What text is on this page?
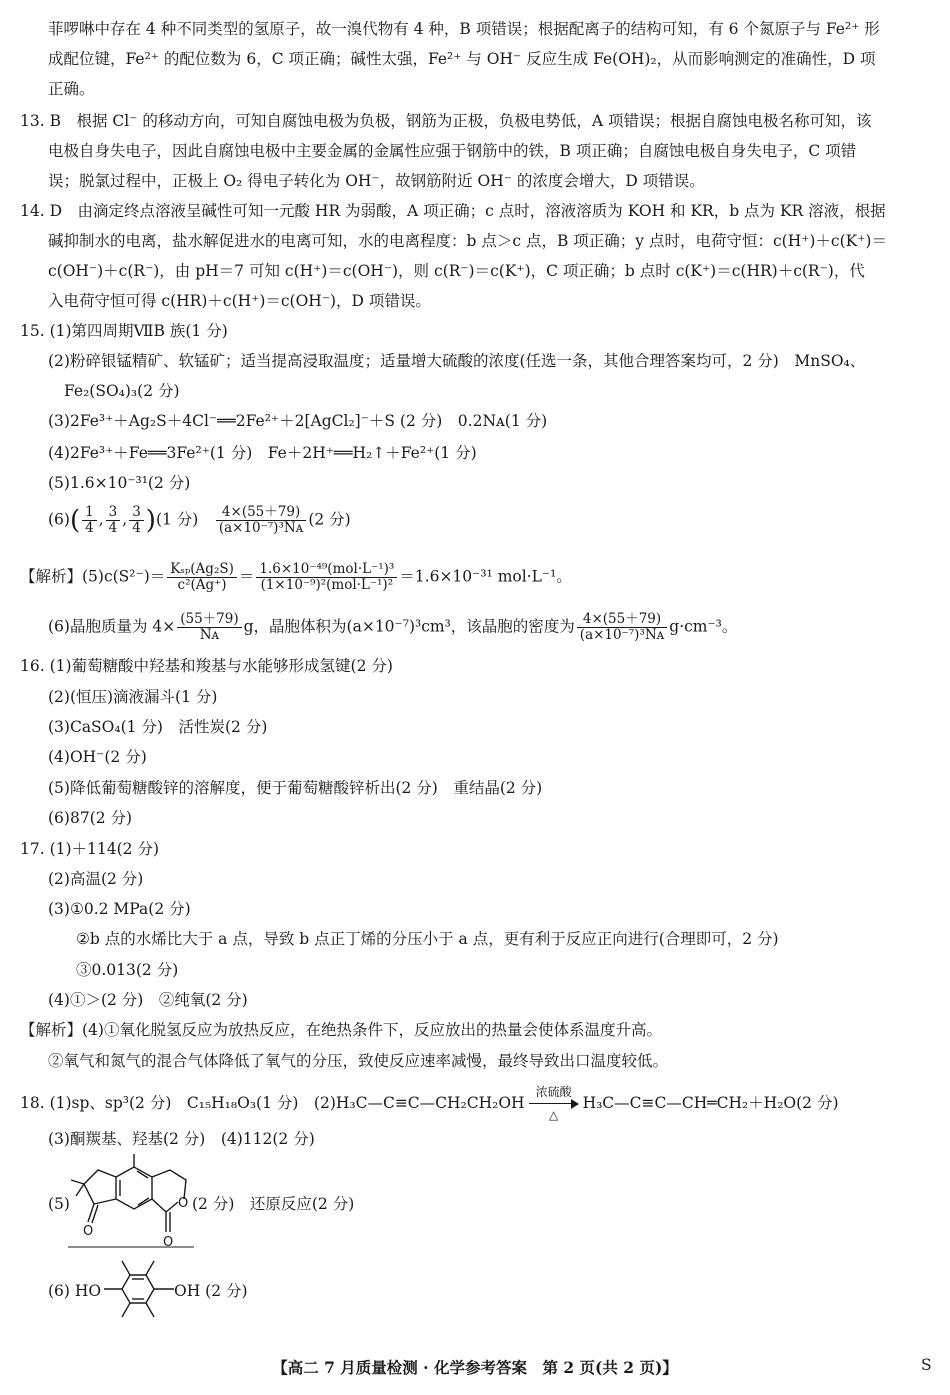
菲啰啉中存在 4 种不同类型的氢原子，故一溴代物有 4 种，B 项错误；根据配离子的结构可知，有 6 个氮原子与 Fe²⁺ 形
成配位键，Fe²⁺ 的配位数为 6，C 项正确；碱性太强，Fe²⁺ 与 OH⁻ 反应生成 Fe(OH)₂，从而影响测定的准确性，D 项
正确。
13. B　根据 Cl⁻ 的移动方向，可知自腐蚀电极为负极，钢筋为正极，负极电势低，A 项错误；根据自腐蚀电极名称可知，该
电极自身失电子，因此自腐蚀电极中主要金属的金属性应强于钢筋中的铁，B 项正确；自腐蚀电极自身失电子，C 项错
误；脱氯过程中，正极上 O₂ 得电子转化为 OH⁻，故钢筋附近 OH⁻ 的浓度会增大，D 项错误。
14. D　由滴定终点溶液呈碱性可知一元酸 HR 为弱酸，A 项正确；c 点时，溶液溶质为 KOH 和 KR，b 点为 KR 溶液，根据
碱抑制水的电离，盐水解促进水的电离可知，水的电离程度：b 点＞c 点，B 项正确；y 点时，电荷守恒：c(H⁺)＋c(K⁺)＝
c(OH⁻)＋c(R⁻)，由 pH＝7 可知 c(H⁺)＝c(OH⁻)，则 c(R⁻)＝c(K⁺)，C 项正确；b 点时 c(K⁺)＝c(HR)＋c(R⁻)，代
入电荷守恒可得 c(HR)＋c(H⁺)＝c(OH⁻)，D 项错误。
15. (1)第四周期ⅦB 族(1 分)
(2)粉碎银锰精矿、软锰矿；适当提高浸取温度；适量增大硫酸的浓度(任选一条，其他合理答案均可，2 分)　MnSO₄、
Fe₂(SO₄)₃(2 分)
(3)2Fe³⁺＋Ag₂S＋4Cl⁻══2Fe²⁺＋2[AgCl₂]⁻＋S (2 分)　0.2Nᴀ(1 分)
(4)2Fe³⁺＋Fe══3Fe²⁺(1 分)　Fe＋2H⁺══H₂↑＋Fe²⁺(1 分)
(5)1.6×10⁻³¹(2 分)
$(6)( \frac{1}{4}$ , $\frac{3}{4}$ , $\frac{3}{4} )(1$ 分)　 $\frac{4\times(55+79)}{\text{(a×10⁻⁷)³Nᴀ}} (2$ 分)
【解析】$(5)c(S^{2-})= \frac{\text{Kₛₚ(Ag₂S)}}{\text{c²(Ag⁺)}} = \frac{\text{1.6×10⁻⁴⁹(mol·L⁻¹)³}}{\text{(1×10⁻⁹)²(mol·L⁻¹)²}} =1.6\times 10^{-31}$ mol·L⁻¹。
(6)晶胞质量为 $4\times \frac{(55+79)}{\text{Nᴀ}}$ g，晶胞体积为(a×10⁻⁷)³cm³，该晶胞的密度为 $\frac{4\times(55+79)}{\text{(a×10⁻⁷)³Nᴀ}} g\cdot cm^{-3}$。
16. (1)葡萄糖酸中羟基和羧基与水能够形成氢键(2 分)
(2)(恒压)滴液漏斗(1 分)
(3)CaSO₄(1 分)　活性炭(2 分)
(4)OH⁻(2 分)
(5)降低葡萄糖酸锌的溶解度，便于葡萄糖酸锌析出(2 分)　重结晶(2 分)
(6)87(2 分)
17. (1)＋114(2 分)
(2)高温(2 分)
(3)①0.2 MPa(2 分)
②b 点的水烯比大于 a 点，导致 b 点正丁烯的分压小于 a 点，更有利于反应正向进行(合理即可，2 分)
③0.013(2 分)
(4)①＞(2 分)　②纯氧(2 分)
【解析】(4)①氧化脱氢反应为放热反应，在绝热条件下，反应放出的热量会使体系温度升高。
②氧气和氮气的混合气体降低了氧气的分压，致使反应速率减慢，最终导致出口温度较低。
18. (1)sp、sp³(2 分)　C₁₅H₁₈O₃(1 分)　(2)H₃C—C≡C—CH₂CH₂OH
浓硫酸
△
H₃C—C≡C—CH═CH₂＋H₂O(2 分)
(3)酮羰基、羟基(2 分)　(4)112(2 分)
(5)
O
O
O (2 分)　还原反应(2 分)
(6) HO	OH (2 分)
【高二 7 月质量检测 · 化学参考答案　第 2 页(共 2 页)】	S
